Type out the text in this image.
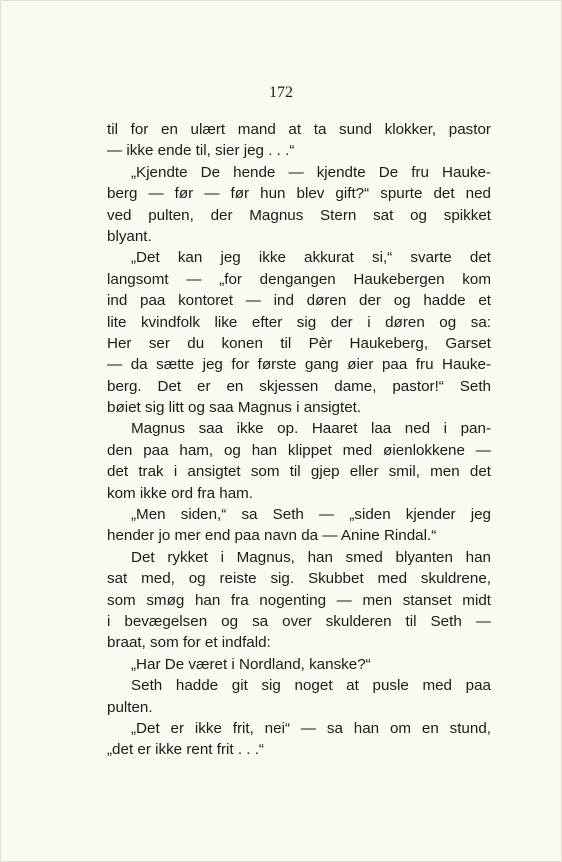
172
til for en ulært mand at ta sund klokker, pastor
— ikke ende til, sier jeg . . .“
„Kjendte De hende — kjendte De fru Hauke-
berg — før — før hun blev gift?“ spurte det ned
ved pulten, der Magnus Stern sat og spikket
blyant.
„Det kan jeg ikke akkurat si,“ svarte det
langsomt — „for dengangen Haukebergen kom
ind paa kontoret — ind døren der og hadde et
lite kvindfolk like efter sig der i døren og sa:
Her ser du konen til Pèr Haukeberg, Garset
— da sætte jeg for første gang øier paa fru Hauke-
berg. Det er en skjessen dame, pastor!“ Seth
bøiet sig litt og saa Magnus i ansigtet.
Magnus saa ikke op. Haaret laa ned i pan-
den paa ham, og han klippet med øienlokkene —
det trak i ansigtet som til gjep eller smil, men det
kom ikke ord fra ham.
„Men siden,“ sa Seth — „siden kjender jeg
hender jo mer end paa navn da — Anine Rindal.“
Det rykket i Magnus, han smed blyanten han
sat med, og reiste sig. Skubbet med skuldrene,
som smøg han fra nogenting — men stanset midt
i bevægelsen og sa over skulderen til Seth —
braat, som for et indfald:
„Har De været i Nordland, kanske?“
Seth hadde git sig noget at pusle med paa
pulten.
„Det er ikke frit, nei“ — sa han om en stund,
„det er ikke rent frit . . .“
